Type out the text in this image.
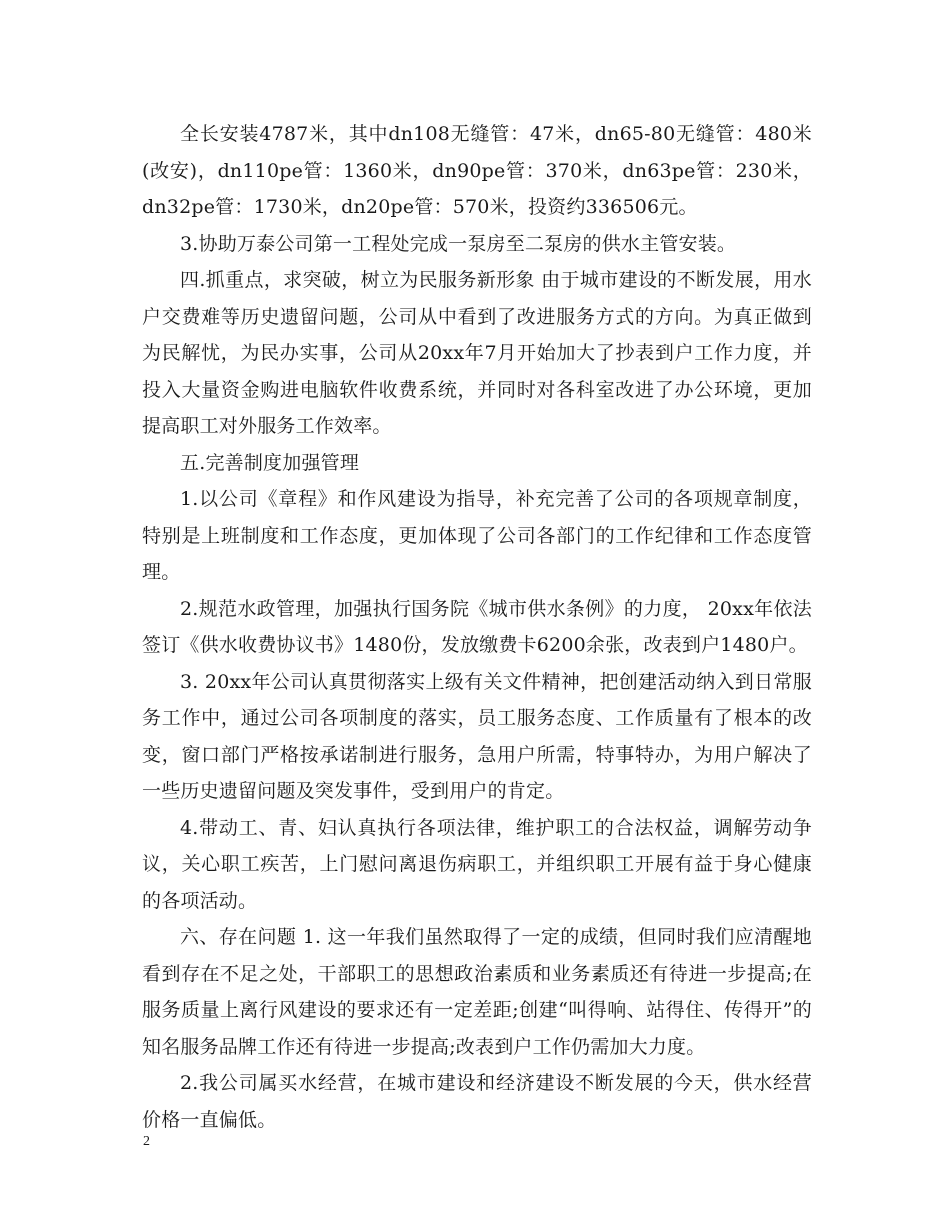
全长安装4787米，其中dn108无缝管：47米，dn65-80无缝管：480米(改安)，dn110pe管：1360米，dn90pe管：370米，dn63pe管：230米，dn32pe管：1730米，dn20pe管：570米，投资约336506元。

3.协助万泰公司第一工程处完成一泵房至二泵房的供水主管安装。

四.抓重点，求突破，树立为民服务新形象 由于城市建设的不断发展，用水户交费难等历史遗留问题，公司从中看到了改进服务方式的方向。为真正做到为民解忧，为民办实事，公司从20xx年7月开始加大了抄表到户工作力度，并投入大量资金购进电脑软件收费系统，并同时对各科室改进了办公环境，更加提高职工对外服务工作效率。

五.完善制度加强管理

1.以公司《章程》和作风建设为指导，补充完善了公司的各项规章制度，特别是上班制度和工作态度，更加体现了公司各部门的工作纪律和工作态度管理。

2.规范水政管理，加强执行国务院《城市供水条例》的力度， 20xx年依法签订《供水收费协议书》1480份，发放缴费卡6200余张，改表到户1480户。

3. 20xx年公司认真贯彻落实上级有关文件精神，把创建活动纳入到日常服务工作中，通过公司各项制度的落实，员工服务态度、工作质量有了根本的改变，窗口部门严格按承诺制进行服务，急用户所需，特事特办，为用户解决了一些历史遗留问题及突发事件，受到用户的肯定。

4.带动工、青、妇认真执行各项法律，维护职工的合法权益，调解劳动争议，关心职工疾苦，上门慰问离退伤病职工，并组织职工开展有益于身心健康的各项活动。

六、存在问题 1. 这一年我们虽然取得了一定的成绩，但同时我们应清醒地看到存在不足之处，干部职工的思想政治素质和业务素质还有待进一步提高;在服务质量上离行风建设的要求还有一定差距;创建“叫得响、站得住、传得开”的知名服务品牌工作还有待进一步提高;改表到户工作仍需加大力度。

2.我公司属买水经营，在城市建设和经济建设不断发展的今天，供水经营价格一直偏低。

2
